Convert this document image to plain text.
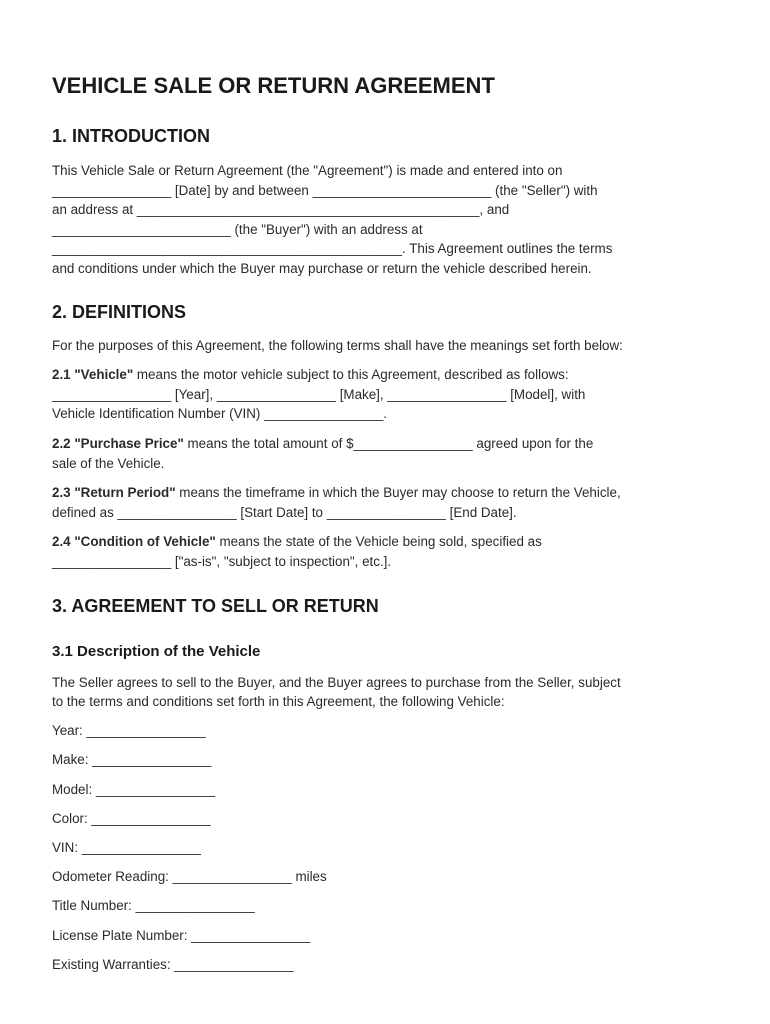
VEHICLE SALE OR RETURN AGREEMENT
1. INTRODUCTION

This Vehicle Sale or Return Agreement (the "Agreement") is made and entered into on

________________ [Date] by and between ________________________ (the "Seller") with

an address at ______________________________________________, and

________________________ (the "Buyer") with an address at

_______________________________________________. This Agreement outlines the terms

and conditions under which the Buyer may purchase or return the vehicle described herein.

2. DEFINITIONS

For the purposes of this Agreement, the following terms shall have the meanings set forth below:

2.1 "Vehicle" means the motor vehicle subject to this Agreement, described as follows:

________________ [Year], ________________ [Make], ________________ [Model], with

Vehicle Identification Number (VIN) ________________.

2.2 "Purchase Price" means the total amount of $________________ agreed upon for the

sale of the Vehicle.

2.3 "Return Period" means the timeframe in which the Buyer may choose to return the Vehicle,

defined as ________________ [Start Date] to ________________ [End Date].

2.4 "Condition of Vehicle" means the state of the Vehicle being sold, specified as

________________ ["as-is", "subject to inspection", etc.].

3. AGREEMENT TO SELL OR RETURN
3.1 Description of the Vehicle

The Seller agrees to sell to the Buyer, and the Buyer agrees to purchase from the Seller, subject

to the terms and conditions set forth in this Agreement, the following Vehicle:

Year: ________________

Make: ________________

Model: ________________

Color: ________________

VIN: ________________

Odometer Reading: ________________ miles

Title Number: ________________

License Plate Number: ________________

Existing Warranties: ________________
